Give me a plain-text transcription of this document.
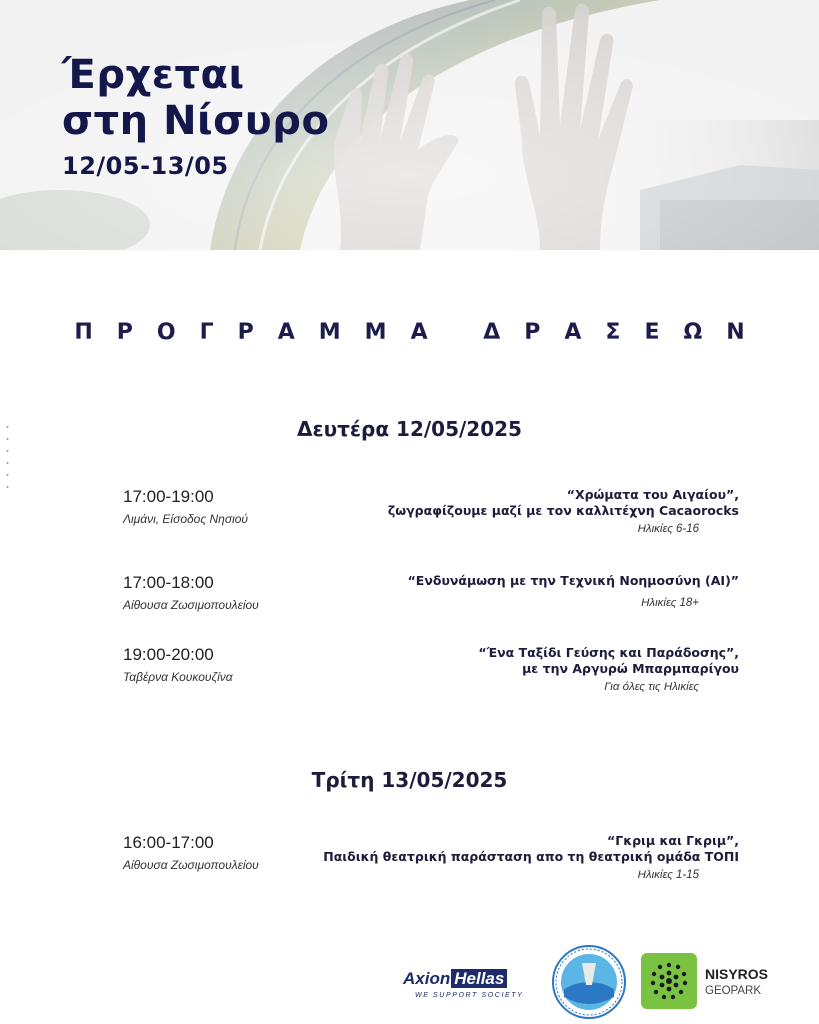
Έρχεται
στη Νίσυρο
12/05-13/05
ΠΡΟΓΡΑΜΜΑ ΔΡΑΣΕΩΝ
Δευτέρα 12/05/2025
17:00-19:00
Λιμάνι, Είσοδος Νησιού
“Χρώματα του Αιγαίου”,
ζωγραφίζουμε μαζί με τον καλλιτέχνη Cacaorocks
Ηλικίες 6-16
17:00-18:00
Αίθουσα Ζωσιμοπουλείου
“Ενδυνάμωση με την Τεχνική Νοημοσύνη (AI)”
Ηλικίες 18+
19:00-20:00
Ταβέρνα Κουκουζίνα
“Ένα Ταξίδι Γεύσης και Παράδοσης”,
με την Αργυρώ Μπαρμπαρίγου
Για όλες τις Ηλικίες
Τρίτη 13/05/2025
16:00-17:00
Αίθουσα Ζωσιμοπουλείου
“Γκριμ και Γκριμ”,
Παιδική θεατρική παράσταση απο τη θεατρική ομάδα ΤΟΠΙ
Ηλικίες 1-15
Axion Hellas
WE SUPPORT SOCIETY
NISYROS
GEOPARK
